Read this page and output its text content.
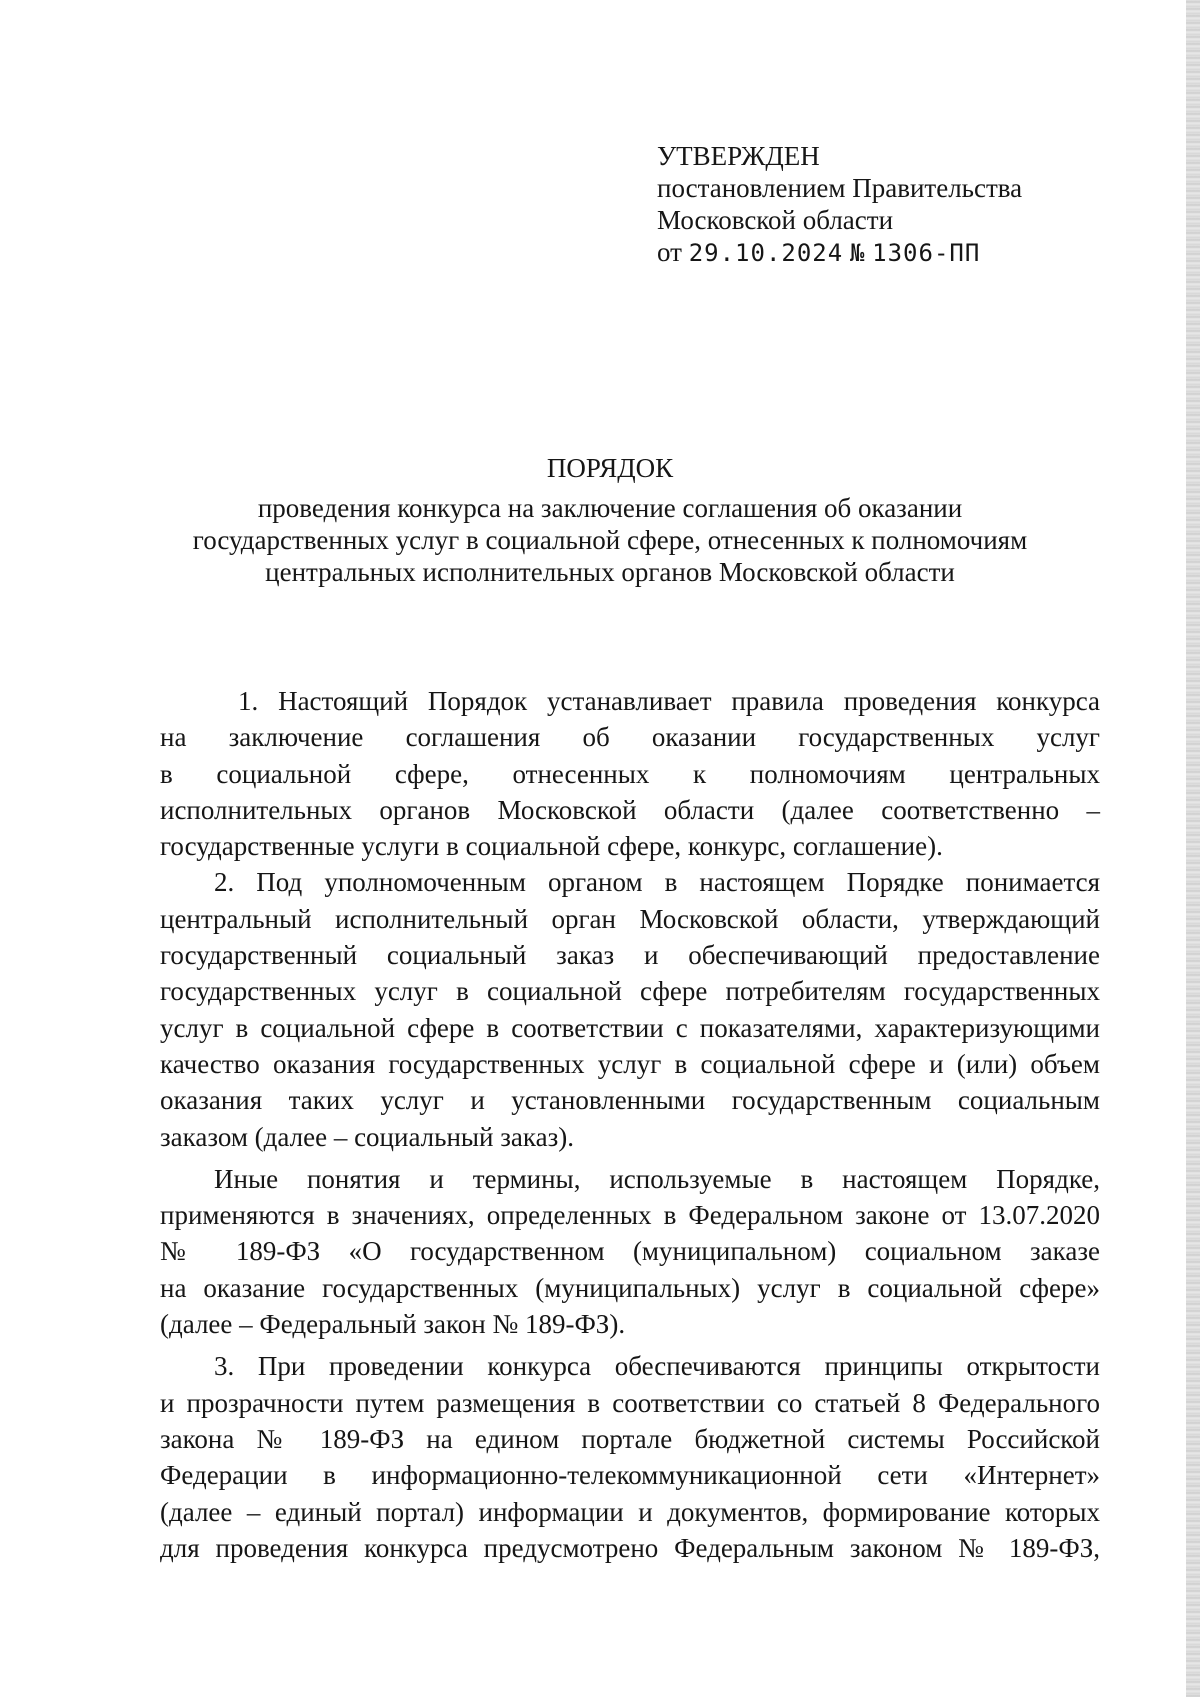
УТВЕРЖДЕН
постановлением Правительства
Московской области
от 29.10.2024 № 1306-ПП
ПОРЯДОК
проведения конкурса на заключение соглашения об оказании
государственных услуг в социальной сфере, отнесенных к полномочиям
центральных исполнительных органов Московской области
1. Настоящий Порядок устанавливает правила проведения конкурса
на заключение соглашения об оказании государственных услуг
в социальной сфере, отнесенных к полномочиям центральных
исполнительных органов Московской области (далее соответственно –
государственные услуги в социальной сфере, конкурс, соглашение).
2. Под уполномоченным органом в настоящем Порядке понимается
центральный исполнительный орган Московской области, утверждающий
государственный социальный заказ и обеспечивающий предоставление
государственных услуг в социальной сфере потребителям государственных
услуг в социальной сфере в соответствии с показателями, характеризующими
качество оказания государственных услуг в социальной сфере и (или) объем
оказания таких услуг и установленными государственным социальным
заказом (далее – социальный заказ).
Иные понятия и термины, используемые в настоящем Порядке,
применяются в значениях, определенных в Федеральном законе от 13.07.2020
№ 189-ФЗ «О государственном (муниципальном) социальном заказе
на оказание государственных (муниципальных) услуг в социальной сфере»
(далее – Федеральный закон № 189-ФЗ).
3. При проведении конкурса обеспечиваются принципы открытости
и прозрачности путем размещения в соответствии со статьей 8 Федерального
закона № 189-ФЗ на едином портале бюджетной системы Российской
Федерации в информационно-телекоммуникационной сети «Интернет»
(далее – единый портал) информации и документов, формирование которых
для проведения конкурса предусмотрено Федеральным законом № 189-ФЗ,
